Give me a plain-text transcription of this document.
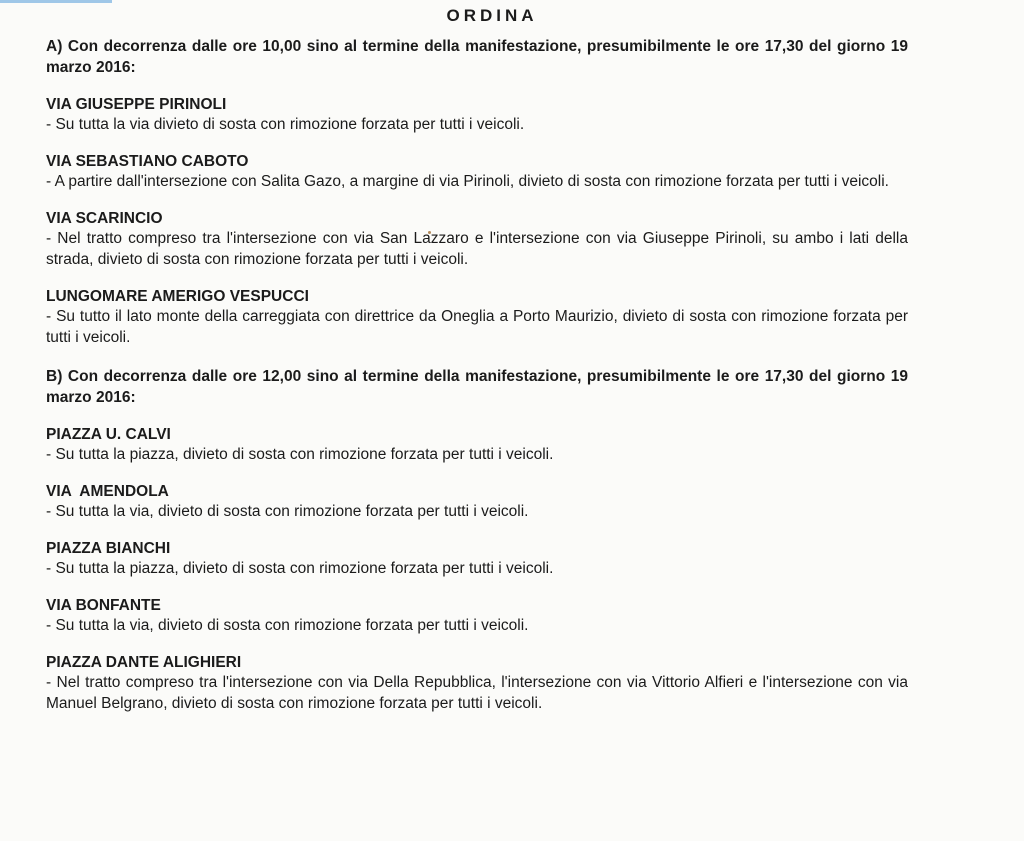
ORDINA

A) Con decorrenza dalle ore 10,00 sino al termine della manifestazione, presumibilmente le ore 17,30 del giorno 19 marzo 2016:

VIA GIUSEPPE PIRINOLI

- Su tutta la via divieto di sosta con rimozione forzata per tutti i veicoli.

VIA SEBASTIANO CABOTO

- A partire dall'intersezione con Salita Gazo, a margine di via Pirinoli, divieto di sosta con rimozione forzata per tutti i veicoli.

VIA SCARINCIO

- Nel tratto compreso tra l'intersezione con via San Lazzaro e l'intersezione con via Giuseppe Pirinoli, su ambo i lati della strada, divieto di sosta con rimozione forzata per tutti i veicoli.

LUNGOMARE AMERIGO VESPUCCI

- Su tutto il lato monte della carreggiata con direttrice da Oneglia a Porto Maurizio, divieto di sosta con rimozione forzata per tutti i veicoli.

B) Con decorrenza dalle ore 12,00 sino al termine della manifestazione, presumibilmente le ore 17,30 del giorno 19 marzo 2016:

PIAZZA U. CALVI

- Su tutta la piazza, divieto di sosta con rimozione forzata per tutti i veicoli.

VIA  AMENDOLA

- Su tutta la via, divieto di sosta con rimozione forzata per tutti i veicoli.

PIAZZA BIANCHI

- Su tutta la piazza, divieto di sosta con rimozione forzata per tutti i veicoli.

VIA BONFANTE

- Su tutta la via, divieto di sosta con rimozione forzata per tutti i veicoli.

PIAZZA DANTE ALIGHIERI

- Nel tratto compreso tra l'intersezione con via Della Repubblica, l'intersezione con via Vittorio Alfieri e l'intersezione con via Manuel Belgrano, divieto di sosta con rimozione forzata per tutti i veicoli.
